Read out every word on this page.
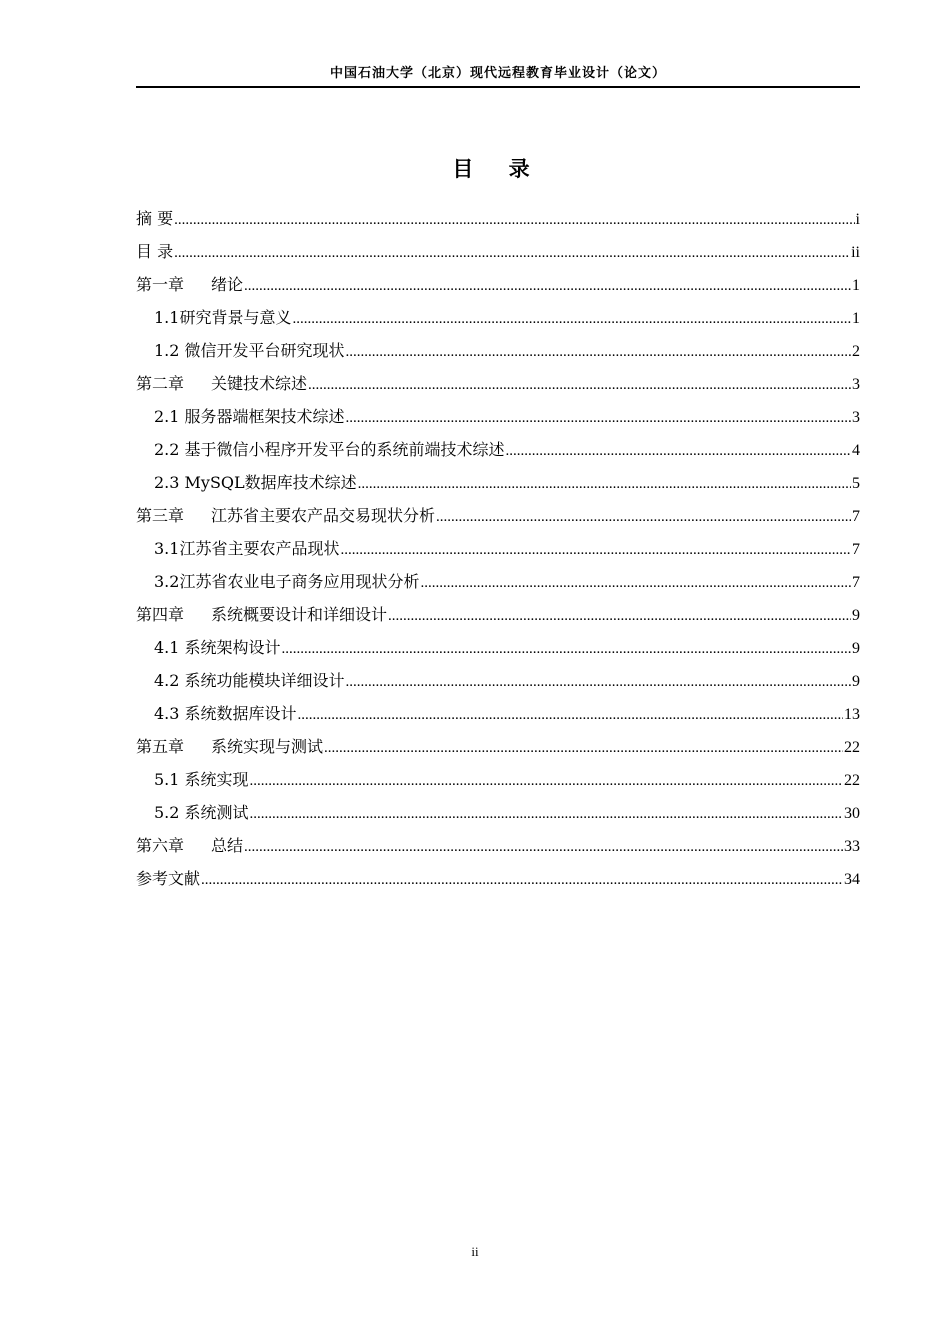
中国石油大学（北京）现代远程教育毕业设计（论文）
目 录
摘 要 .....	i
目 录 .....	ii
第一章 绪论 .....	1
1.1研究背景与意义 .....	1
1.2 微信开发平台研究现状 .....	2
第二章 关键技术综述 .....	3
2.1 服务器端框架技术综述 .....	3
2.2 基于微信小程序开发平台的系统前端技术综述 .....	4
2.3 MySQL数据库技术综述 .....	5
第三章 江苏省主要农产品交易现状分析 .....	7
3.1江苏省主要农产品现状 .....	7
3.2江苏省农业电子商务应用现状分析 .....	7
第四章 系统概要设计和详细设计 .....	9
4.1 系统架构设计 .....	9
4.2 系统功能模块详细设计 .....	9
4.3 系统数据库设计 .....	13
第五章 系统实现与测试 .....	22
5.1 系统实现 .....	22
5.2 系统测试 .....	30
第六章 总结 .....	33
参考文献 .....	34
ii
